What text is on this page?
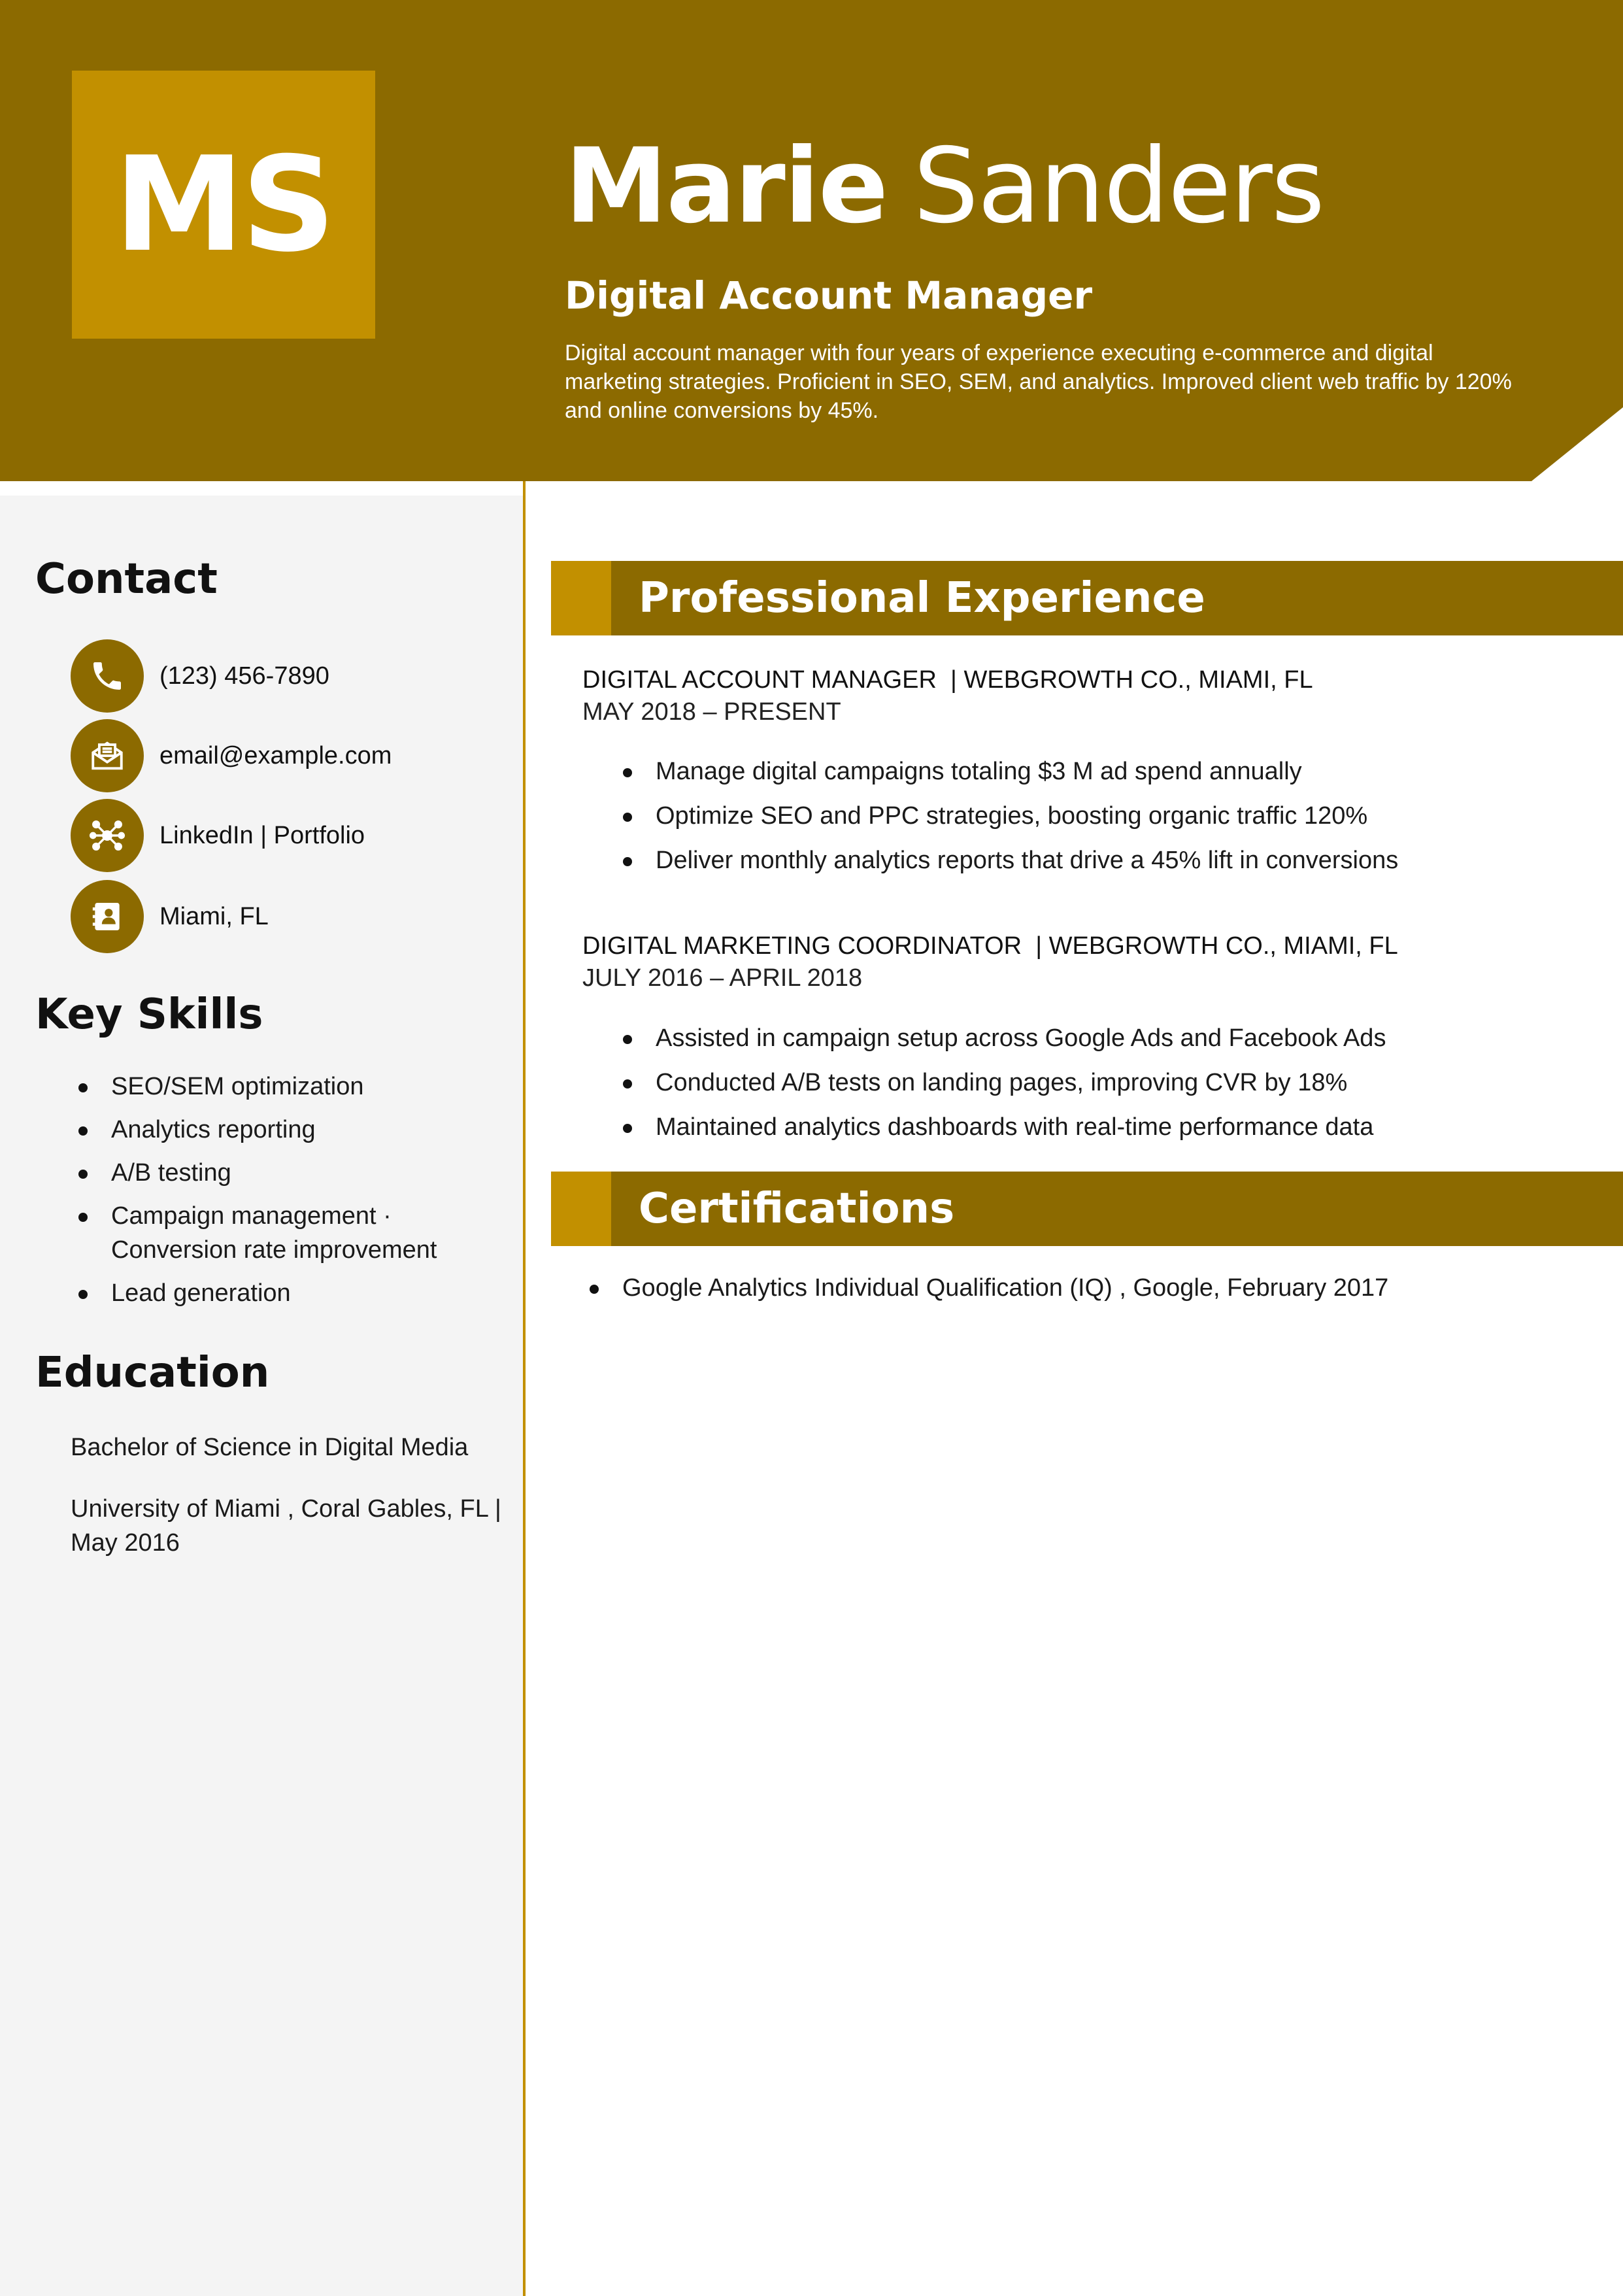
MS	Marie Sanders
Digital Account Manager
Digital account manager with four years of experience executing e-commerce and digital marketing strategies. Proficient in SEO, SEM, and analytics. Improved client web traffic by 120% and online conversions by 45%.
Contact
(123) 456-7890
email@example.com
LinkedIn | Portfolio
Miami, FL
Key Skills
SEO/SEM optimization
Analytics reporting
A/B testing
Campaign management · Conversion rate improvement
Lead generation
Education
Bachelor of Science in Digital Media
University of Miami , Coral Gables, FL | May 2016
Professional Experience
DIGITAL ACCOUNT MANAGER  | WEBGROWTH CO., MIAMI, FL
MAY 2018 – PRESENT
Manage digital campaigns totaling $3 M ad spend annually
Optimize SEO and PPC strategies, boosting organic traffic 120%
Deliver monthly analytics reports that drive a 45% lift in conversions
DIGITAL MARKETING COORDINATOR  | WEBGROWTH CO., MIAMI, FL
JULY 2016 – APRIL 2018
Assisted in campaign setup across Google Ads and Facebook Ads
Conducted A/B tests on landing pages, improving CVR by 18%
Maintained analytics dashboards with real-time performance data
Certifications
Google Analytics Individual Qualification (IQ) , Google, February 2017
